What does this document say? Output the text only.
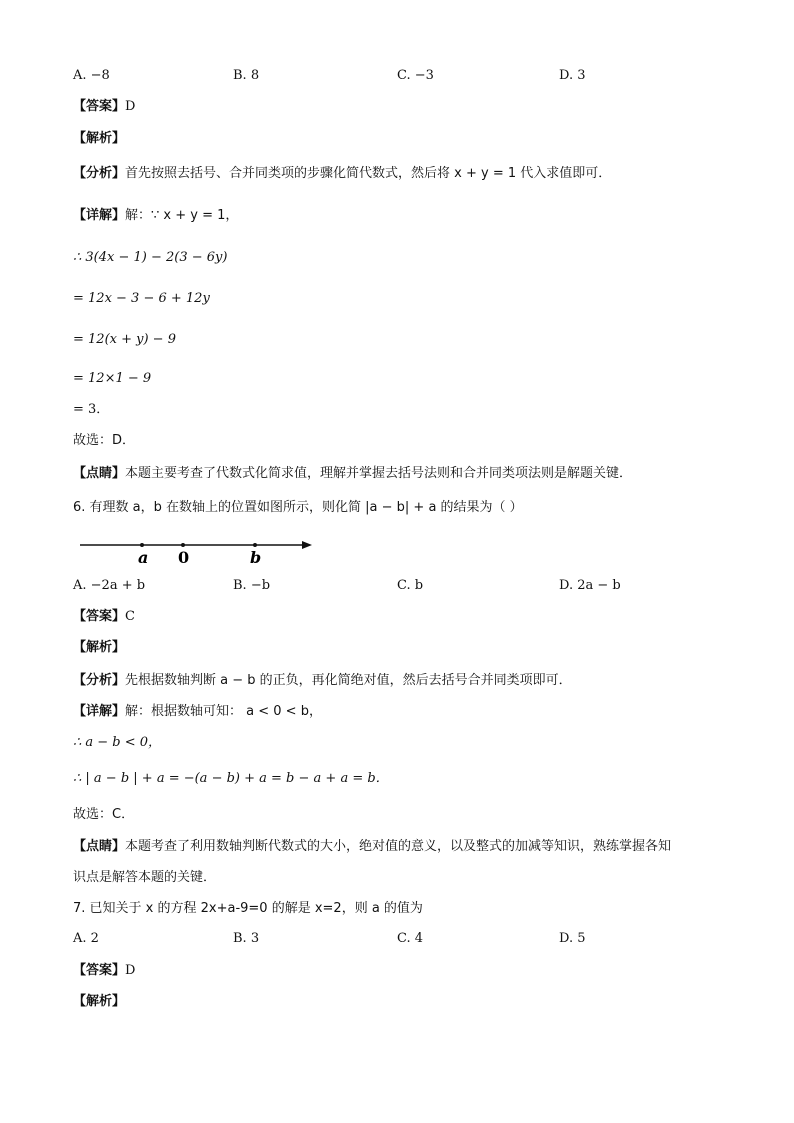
A. −8	B. 8	C. −3	D. 3
【答案】D
【解析】
【分析】首先按照去括号、合并同类项的步骤化简代数式，然后将 x + y = 1 代入求值即可．
【详解】解：∵ x + y = 1，
∴ 3(4x − 1) − 2(3 − 6y)
= 12x − 3 − 6 + 12y
= 12(x + y) − 9
= 12×1 − 9
= 3．
故选：D．
【点睛】本题主要考查了代数式化简求值，理解并掌握去括号法则和合并同类项法则是解题关键．
6. 有理数 a，b 在数轴上的位置如图所示，则化简 |a − b| + a 的结果为（ ）
a 0	b
A. −2a + b	B. −b	C. b	D. 2a − b
【答案】C
【解析】
【分析】先根据数轴判断 a − b 的正负，再化简绝对值，然后去括号合并同类项即可．
【详解】解：根据数轴可知： a < 0 < b，
∴ a − b < 0，
∴ | a − b | + a = −(a − b) + a = b − a + a = b．
故选：C．
【点睛】本题考查了利用数轴判断代数式的大小，绝对值的意义，以及整式的加减等知识，熟练掌握各知
识点是解答本题的关键．
7. 已知关于 x 的方程 2x+a-9=0 的解是 x=2，则 a 的值为
A. 2	B. 3	C. 4	D. 5
【答案】D
【解析】
